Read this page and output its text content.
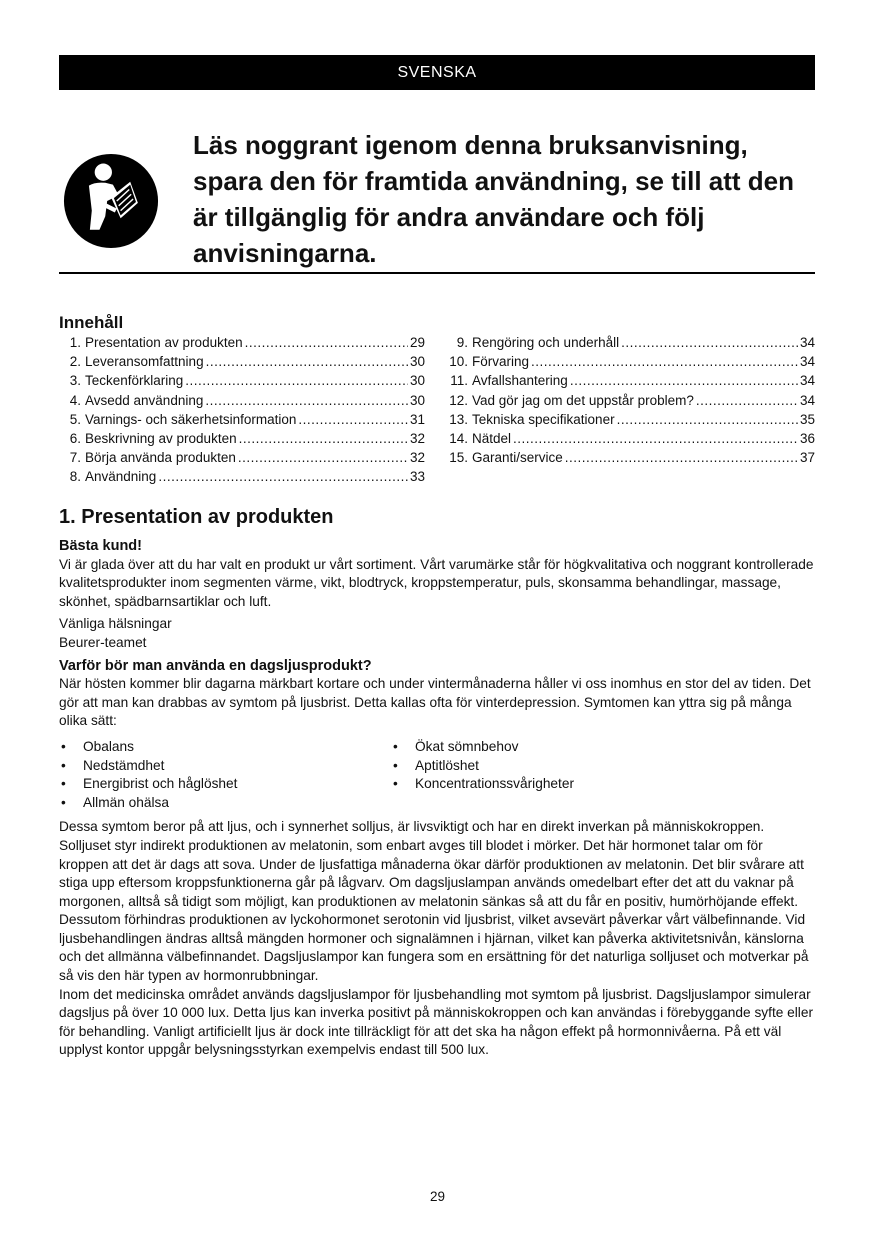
SVENSKA
Läs noggrant igenom denna bruksanvisning, spara den för framtida användning, se till att den är tillgänglig för andra användare och följ anvisningarna.
Innehåll
1. Presentation av produkten .....	29
2. Leveransomfattning .....	30
3. Teckenförklaring .....	30
4. Avsedd användning .....	30
5. Varnings- och säkerhetsinformation .....	31
6. Beskrivning av produkten .....	32
7. Börja använda produkten .....	32
8. Användning .....	33
9. Rengöring och underhåll .....	34
10. Förvaring .....	34
11. Avfallshantering .....	34
12. Vad gör jag om det uppstår problem? .....	34
13. Tekniska specifikationer .....	35
14. Nätdel .....	36
15. Garanti/service .....	37
1. Presentation av produkten

Bästa kund!

Vi är glada över att du har valt en produkt ur vårt sortiment. Vårt varumärke står för högkvalitativa och noggrant kontrollerade kvalitetsprodukter inom segmenten värme, vikt, blodtryck, kroppstemperatur, puls, skonsamma behandlingar, massage, skönhet, spädbarnsartiklar och luft.

Vänliga hälsningar

Beurer-teamet

Varför bör man använda en dagsljusprodukt?

När hösten kommer blir dagarna märkbart kortare och under vintermånaderna håller vi oss inomhus en stor del av tiden. Det gör att man kan drabbas av symtom på ljusbrist. Detta kallas ofta för vinterdepression. Symtomen kan yttra sig på många olika sätt:

• Obalans
• Nedstämdhet
• Energibrist och håglöshet
• Allmän ohälsa
• Ökat sömnbehov
• Aptitlöshet
• Koncentrationssvårigheter

Dessa symtom beror på att ljus, och i synnerhet solljus, är livsviktigt och har en direkt inverkan på människokroppen. Solljuset styr indirekt produktionen av melatonin, som enbart avges till blodet i mörker. Det här hormonet talar om för kroppen att det är dags att sova. Under de ljusfattiga månaderna ökar därför produktionen av melatonin. Det blir svårare att stiga upp eftersom kroppsfunktionerna går på lågvarv. Om dagsljuslampan används omedelbart efter det att du vaknar på morgonen, alltså så tidigt som möjligt, kan produktionen av melatonin sänkas så att du får en positiv, humörhöjande effekt.

Dessutom förhindras produktionen av lyckohormonet serotonin vid ljusbrist, vilket avsevärt påverkar vårt välbefinnande. Vid ljusbehandlingen ändras alltså mängden hormoner och signalämnen i hjärnan, vilket kan påverka aktivitetsnivån, känslorna och det allmänna välbefinnandet. Dagsljuslampor kan fungera som en ersättning för det naturliga solljuset och motverkar på så vis den här typen av hormonrubbningar.

Inom det medicinska området används dagsljuslampor för ljusbehandling mot symtom på ljusbrist. Dagsljuslampor simulerar dagsljus på över 10 000 lux. Detta ljus kan inverka positivt på människokroppen och kan användas i förebyggande syfte eller för behandling. Vanligt artificiellt ljus är dock inte tillräckligt för att det ska ha någon effekt på hormonnivåerna. På ett väl upplyst kontor uppgår belysningsstyrkan exempelvis endast till 500 lux.

29
